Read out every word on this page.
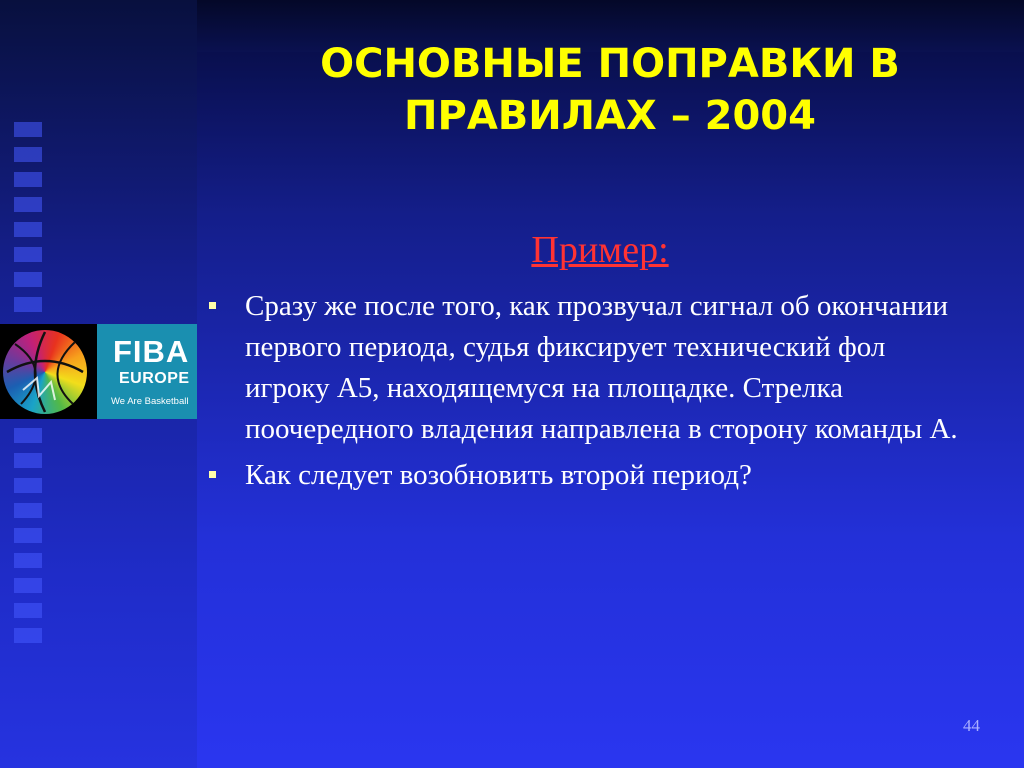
FIBA
EUROPE
We Are Basketball
ОСНОВНЫЕ ПОПРАВКИ В
ПРАВИЛАХ – 2004
Пример:
Сразу же после того, как прозвучал сигнал об окончании первого периода, судья фиксирует технический фол игроку А5, находящемуся на площадке. Стрелка поочередного владения направлена в сторону команды А.
Как следует возобновить второй период?
44
